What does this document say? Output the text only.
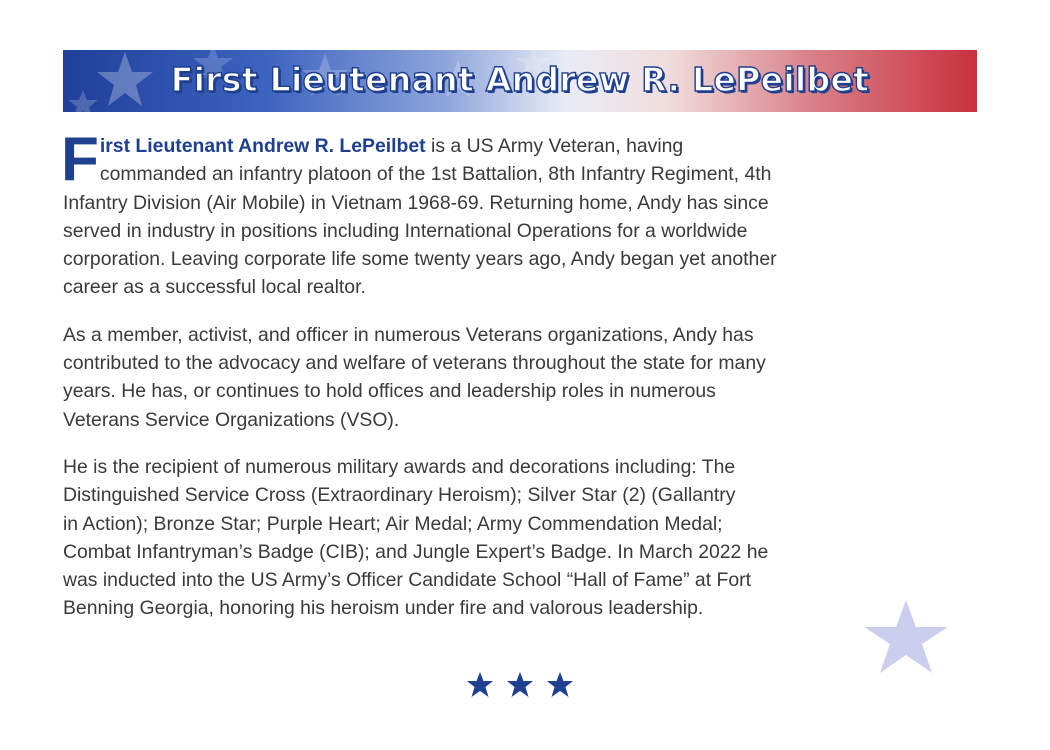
First Lieutenant Andrew R. LePeilbet

F irst Lieutenant Andrew R. LePeilbet is a US Army Veteran, having
commanded an infantry platoon of the 1st Battalion, 8th Infantry Regiment, 4th
Infantry Division (Air Mobile) in Vietnam 1968-69. Returning home, Andy has since
served in industry in positions including International Operations for a worldwide
corporation. Leaving corporate life some twenty years ago, Andy began yet another
career as a successful local realtor.

As a member, activist, and officer in numerous Veterans organizations, Andy has
contributed to the advocacy and welfare of veterans throughout the state for many
years. He has, or continues to hold offices and leadership roles in numerous
Veterans Service Organizations (VSO).

He is the recipient of numerous military awards and decorations including: The
Distinguished Service Cross (Extraordinary Heroism); Silver Star (2) (Gallantry
in Action); Bronze Star; Purple Heart; Air Medal; Army Commendation Medal;
Combat Infantryman’s Badge (CIB); and Jungle Expert’s Badge. In March 2022 he
was inducted into the US Army’s Officer Candidate School “Hall of Fame” at Fort
Benning Georgia, honoring his heroism under fire and valorous leadership.
